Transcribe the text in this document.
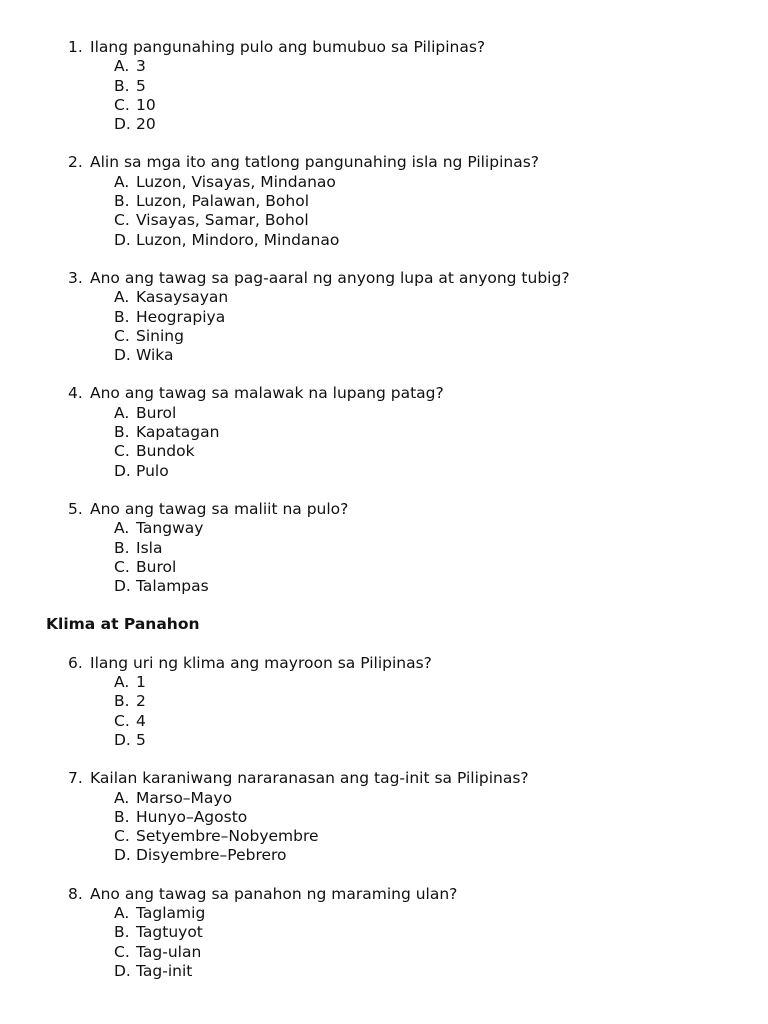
1. Ilang pangunahing pulo ang bumubuo sa Pilipinas?
A. 3
B. 5
C. 10
D. 20
2. Alin sa mga ito ang tatlong pangunahing isla ng Pilipinas?
A. Luzon, Visayas, Mindanao
B. Luzon, Palawan, Bohol
C. Visayas, Samar, Bohol
D. Luzon, Mindoro, Mindanao
3. Ano ang tawag sa pag-aaral ng anyong lupa at anyong tubig?
A. Kasaysayan
B. Heograpiya
C. Sining
D. Wika
4. Ano ang tawag sa malawak na lupang patag?
A. Burol
B. Kapatagan
C. Bundok
D. Pulo
5. Ano ang tawag sa maliit na pulo?
A. Tangway
B. Isla
C. Burol
D. Talampas
Klima at Panahon
6. Ilang uri ng klima ang mayroon sa Pilipinas?
A. 1
B. 2
C. 4
D. 5
7. Kailan karaniwang nararanasan ang tag-init sa Pilipinas?
A. Marso–Mayo
B. Hunyo–Agosto
C. Setyembre–Nobyembre
D. Disyembre–Pebrero
8. Ano ang tawag sa panahon ng maraming ulan?
A. Taglamig
B. Tagtuyot
C. Tag-ulan
D. Tag-init
